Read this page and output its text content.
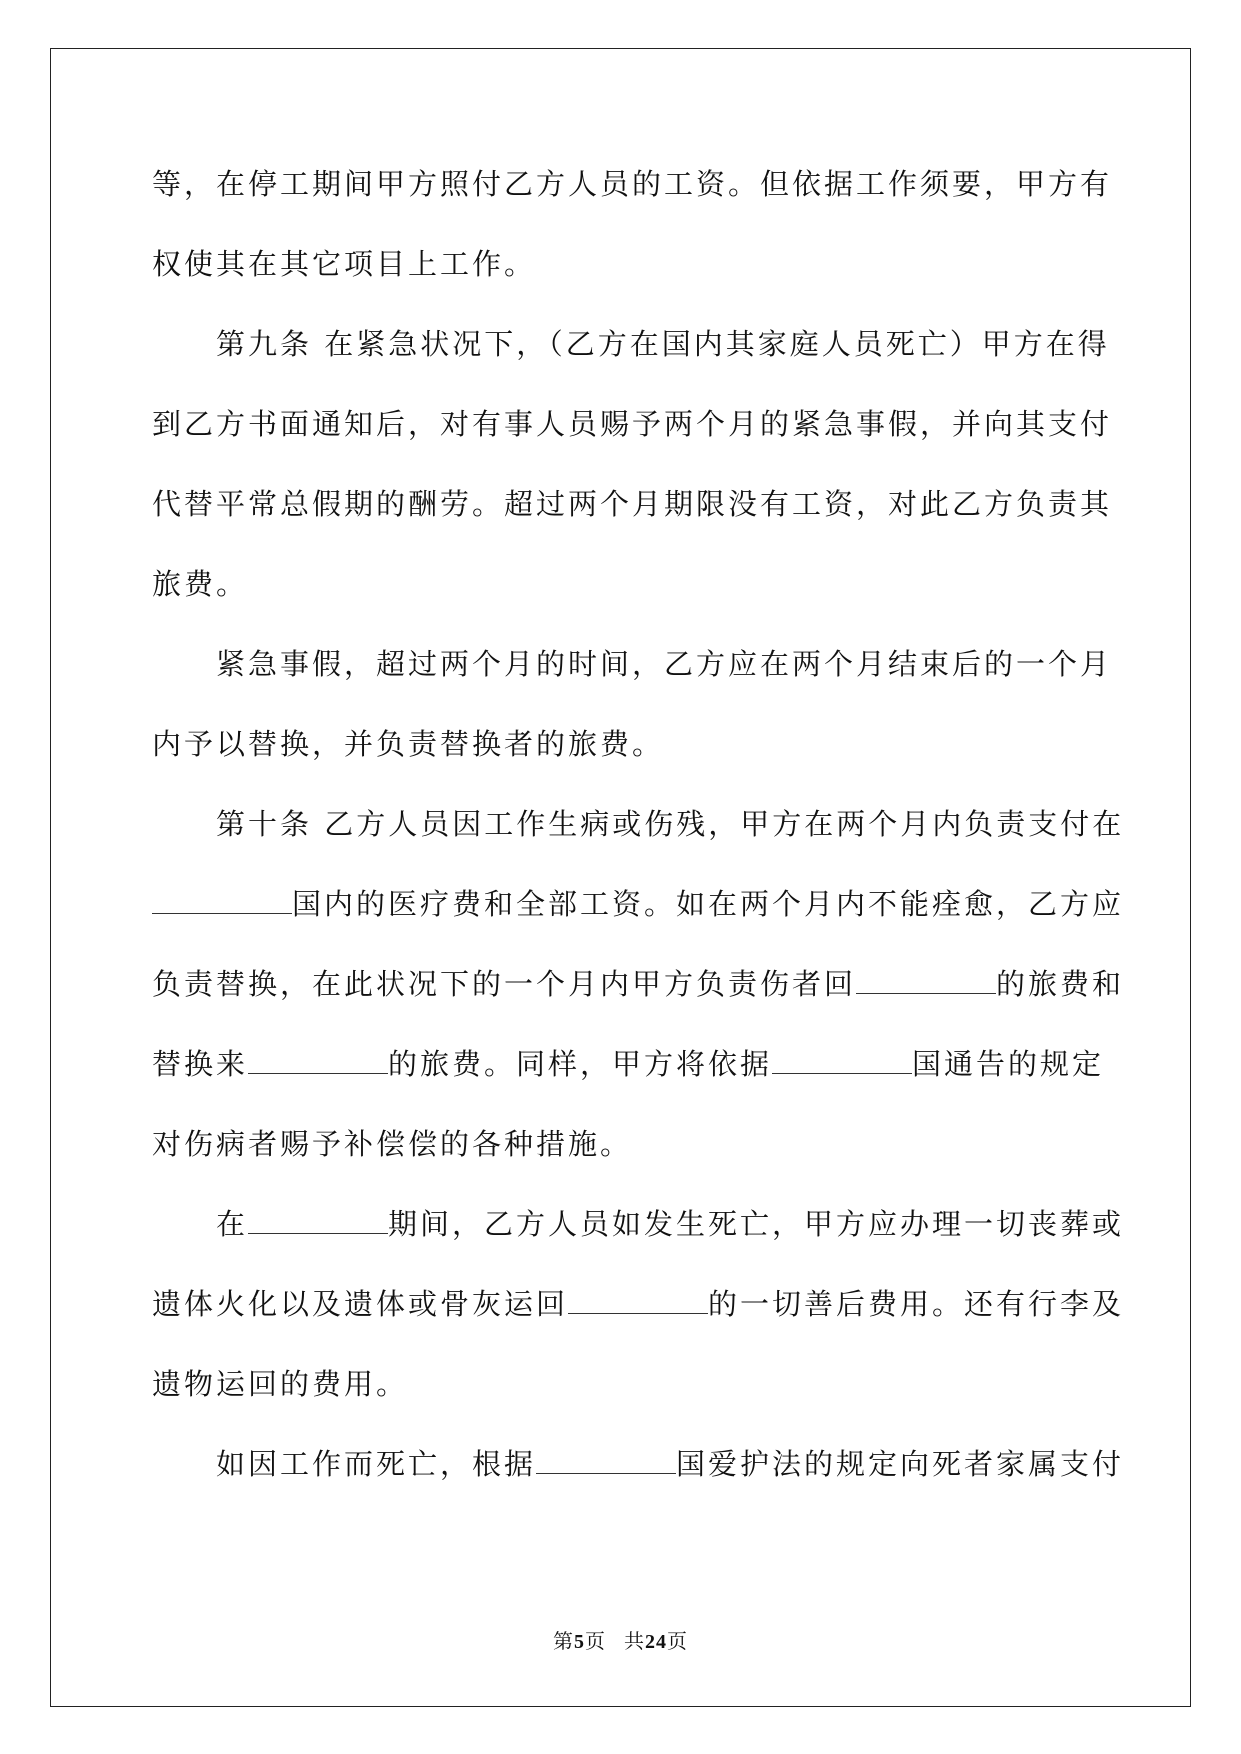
等，在停工期间甲方照付乙方人员的工资。但依据工作须要，甲方有
权使其在其它项目上工作。
第九条 在紧急状况下，（乙方在国内其家庭人员死亡）甲方在得
到乙方书面通知后，对有事人员赐予两个月的紧急事假，并向其支付
代替平常总假期的酬劳。超过两个月期限没有工资，对此乙方负责其
旅费。
紧急事假，超过两个月的时间，乙方应在两个月结束后的一个月
内予以替换，并负责替换者的旅费。
第十条 乙方人员因工作生病或伤残，甲方在两个月内负责支付在
国内的医疗费和全部工资。如在两个月内不能痊愈，乙方应
负责替换，在此状况下的一个月内甲方负责伤者回	的旅费和
替换来	的旅费。同样，甲方将依据	国通告的规定
对伤病者赐予补偿偿的各种措施。
在	期间，乙方人员如发生死亡，甲方应办理一切丧葬或
遗体火化以及遗体或骨灰运回	的一切善后费用。还有行李及
遗物运回的费用。
如因工作而死亡，根据	国爱护法的规定向死者家属支付
第5页 共24页
